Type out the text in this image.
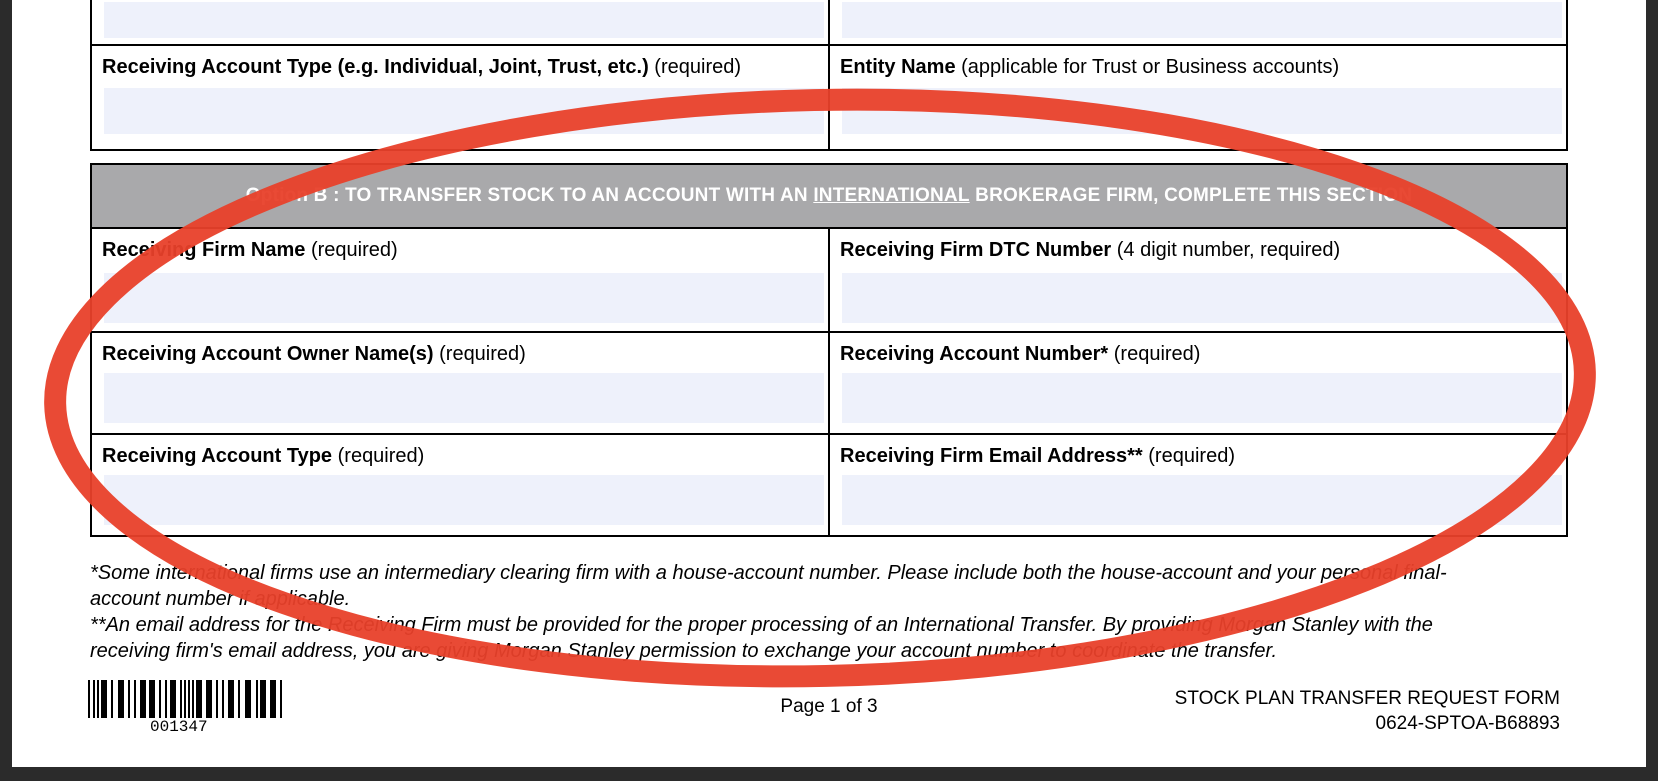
Receiving Account Type (e.g. Individual, Joint, Trust, etc.) (required)	Entity Name (applicable for Trust or Business accounts)
Option B : TO TRANSFER STOCK TO AN ACCOUNT WITH AN
INTERNATIONAL
BROKERAGE FIRM, COMPLETE THIS SECTION
Receiving Firm Name (required)	Receiving Firm DTC Number (4 digit number, required)
Receiving Account Owner Name(s) (required)	Receiving Account Number* (required)
Receiving Account Type (required)	Receiving Firm Email Address** (required)

*Some international firms use an intermediary clearing firm with a house-account number. Please include both the house-account and your personal final-

account number if applicable.

**An email address for the Receiving Firm must be provided for the proper processing of an International Transfer. By providing Morgan Stanley with the

receiving firm's email address, you are giving Morgan Stanley permission to exchange your account number to coordinate the transfer.

001347
Page 1 of 3	STOCK PLAN TRANSFER REQUEST FORM
0624-SPTOA-B68893
